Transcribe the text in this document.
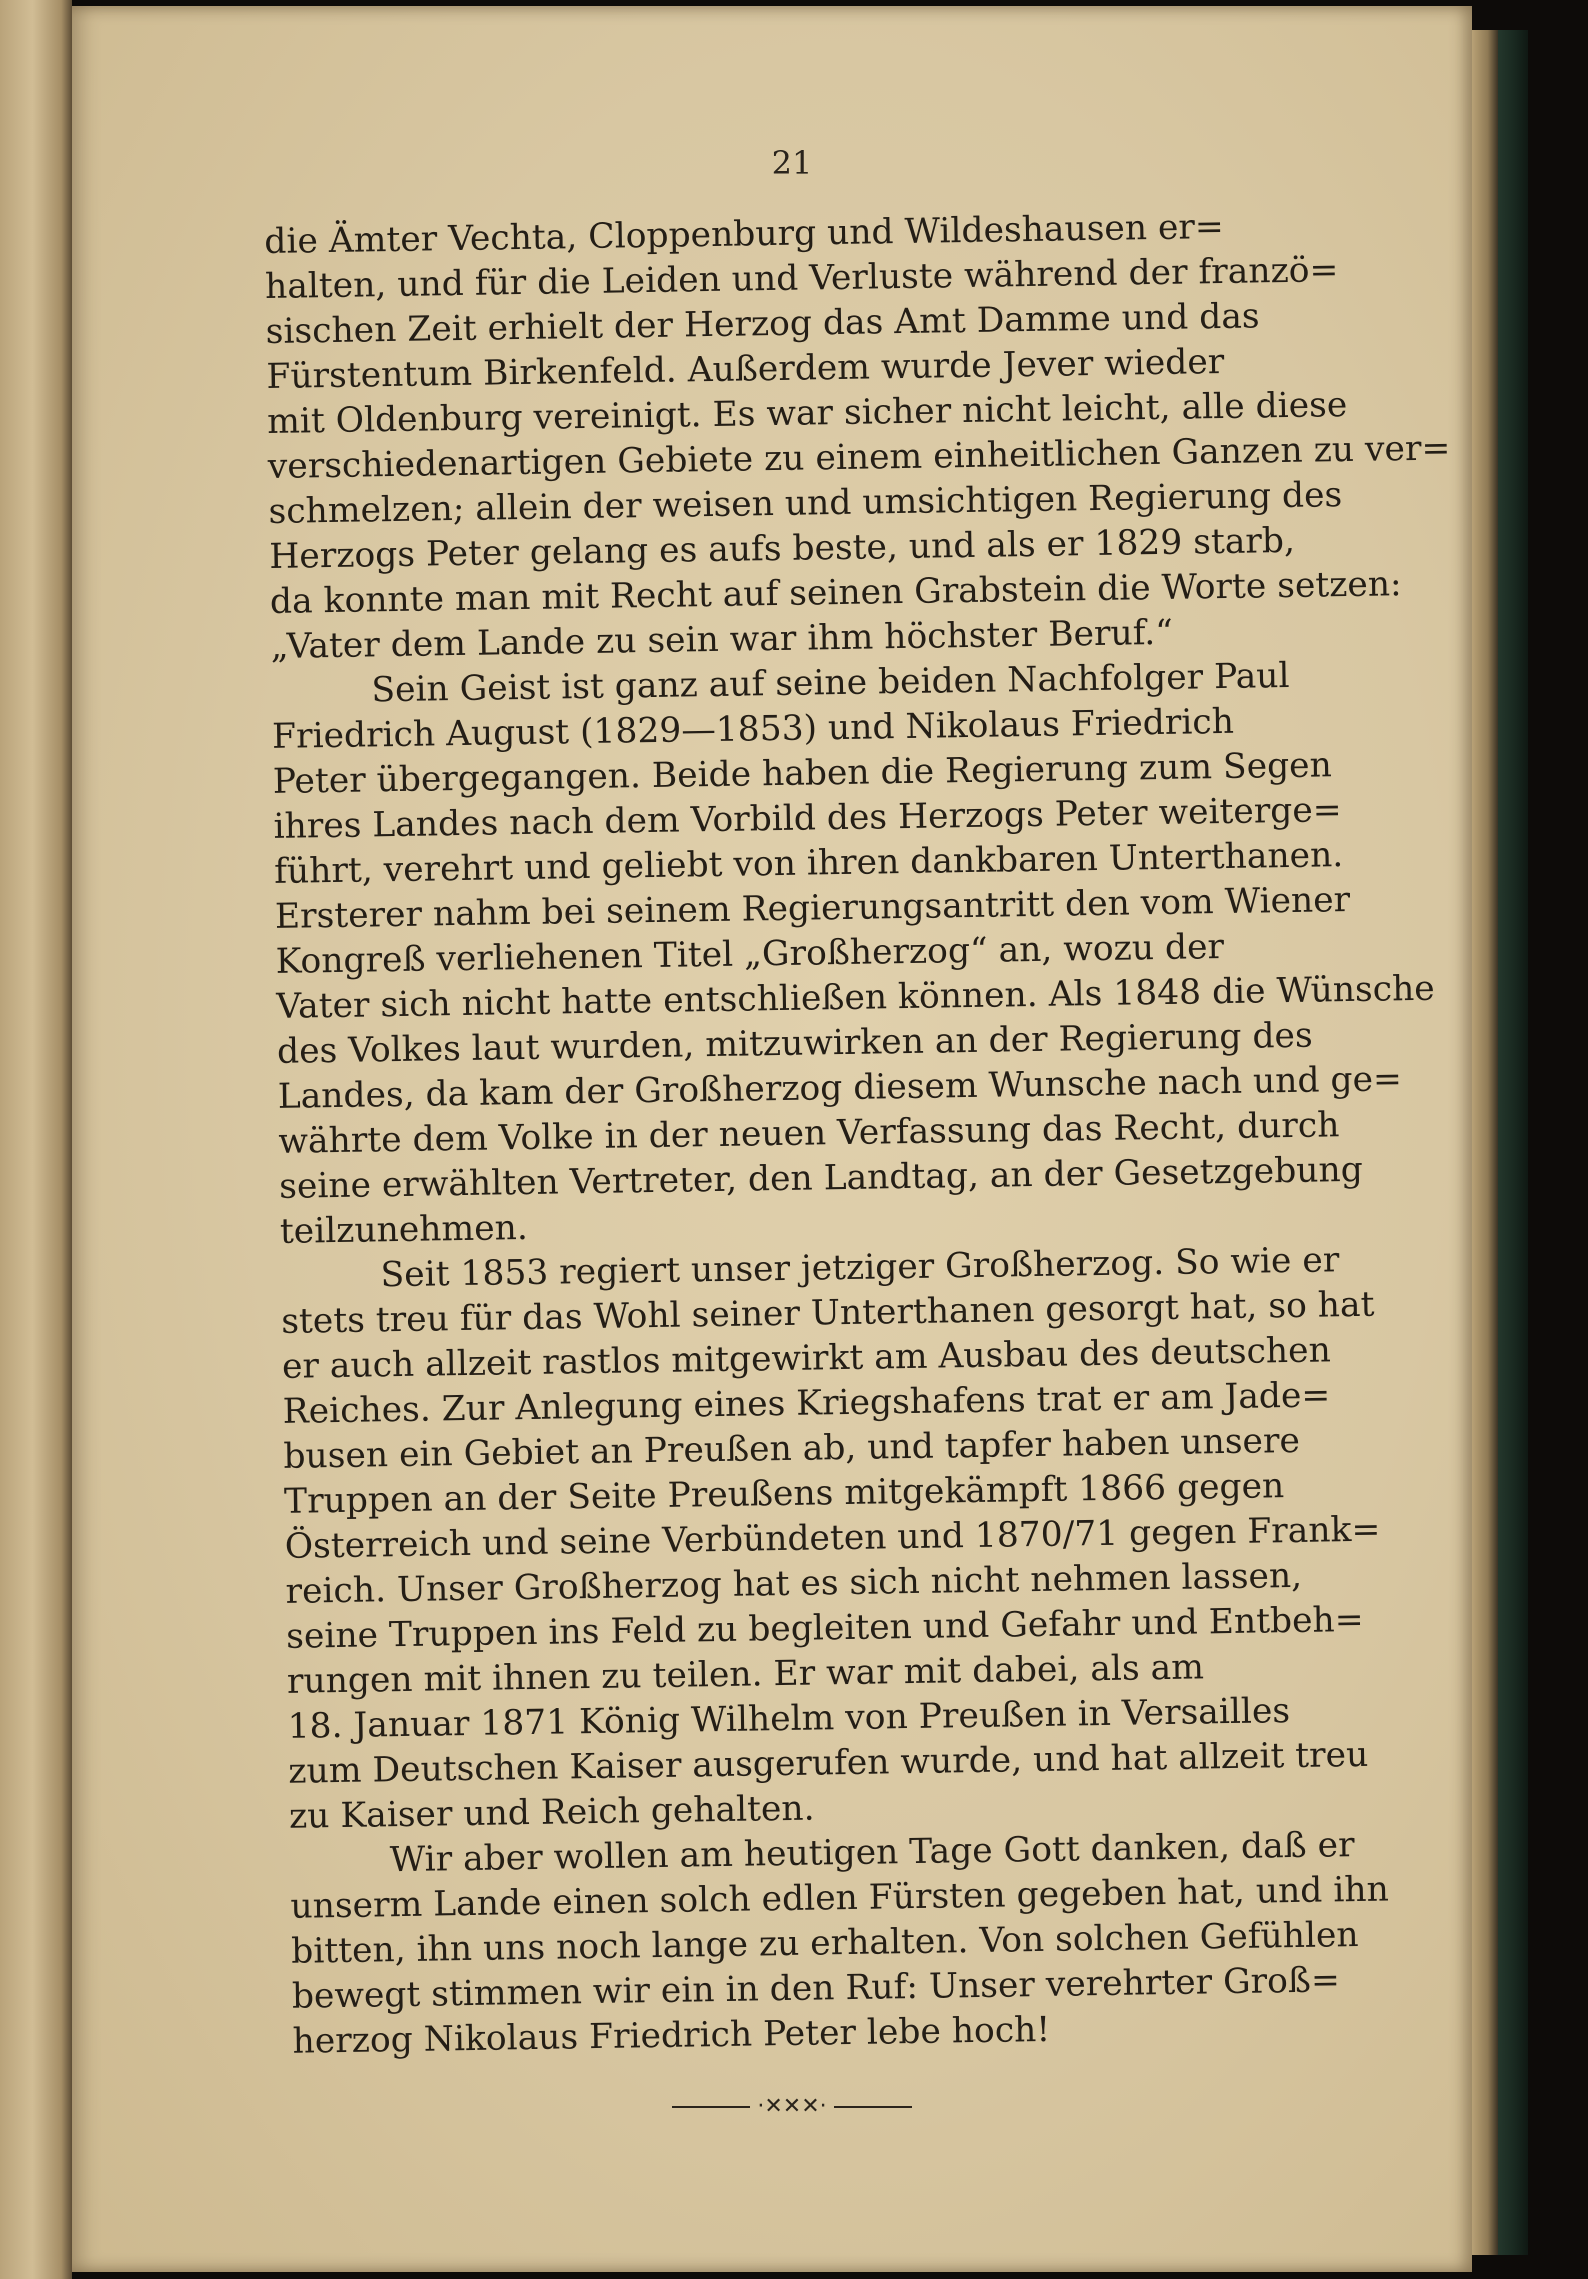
21
die Ämter Vechta, Cloppenburg und Wildeshausen er=
halten, und für die Leiden und Verluste während der franzö=
sischen Zeit erhielt der Herzog das Amt Damme und das
Fürstentum Birkenfeld. Außerdem wurde Jever wieder
mit Oldenburg vereinigt. Es war sicher nicht leicht, alle diese
verschiedenartigen Gebiete zu einem einheitlichen Ganzen zu ver=
schmelzen; allein der weisen und umsichtigen Regierung des
Herzogs Peter gelang es aufs beste, und als er 1829 starb,
da konnte man mit Recht auf seinen Grabstein die Worte setzen:
„Vater dem Lande zu sein war ihm höchster Beruf.“
Sein Geist ist ganz auf seine beiden Nachfolger Paul
Friedrich August (1829—1853) und Nikolaus Friedrich
Peter übergegangen. Beide haben die Regierung zum Segen
ihres Landes nach dem Vorbild des Herzogs Peter weiterge=
führt, verehrt und geliebt von ihren dankbaren Unterthanen.
Ersterer nahm bei seinem Regierungsantritt den vom Wiener
Kongreß verliehenen Titel „Großherzog“ an, wozu der
Vater sich nicht hatte entschließen können. Als 1848 die Wünsche
des Volkes laut wurden, mitzuwirken an der Regierung des
Landes, da kam der Großherzog diesem Wunsche nach und ge=
währte dem Volke in der neuen Verfassung das Recht, durch
seine erwählten Vertreter, den Landtag, an der Gesetzgebung
teilzunehmen.
Seit 1853 regiert unser jetziger Großherzog. So wie er
stets treu für das Wohl seiner Unterthanen gesorgt hat, so hat
er auch allzeit rastlos mitgewirkt am Ausbau des deutschen
Reiches. Zur Anlegung eines Kriegshafens trat er am Jade=
busen ein Gebiet an Preußen ab, und tapfer haben unsere
Truppen an der Seite Preußens mitgekämpft 1866 gegen
Österreich und seine Verbündeten und 1870/71 gegen Frank=
reich. Unser Großherzog hat es sich nicht nehmen lassen,
seine Truppen ins Feld zu begleiten und Gefahr und Entbeh=
rungen mit ihnen zu teilen. Er war mit dabei, als am
18. Januar 1871 König Wilhelm von Preußen in Versailles
zum Deutschen Kaiser ausgerufen wurde, und hat allzeit treu
zu Kaiser und Reich gehalten.
Wir aber wollen am heutigen Tage Gott danken, daß er
unserm Lande einen solch edlen Fürsten gegeben hat, und ihn
bitten, ihn uns noch lange zu erhalten. Von solchen Gefühlen
bewegt stimmen wir ein in den Ruf: Unser verehrter Groß=
herzog Nikolaus Friedrich Peter lebe hoch!
·✕✕✕·
